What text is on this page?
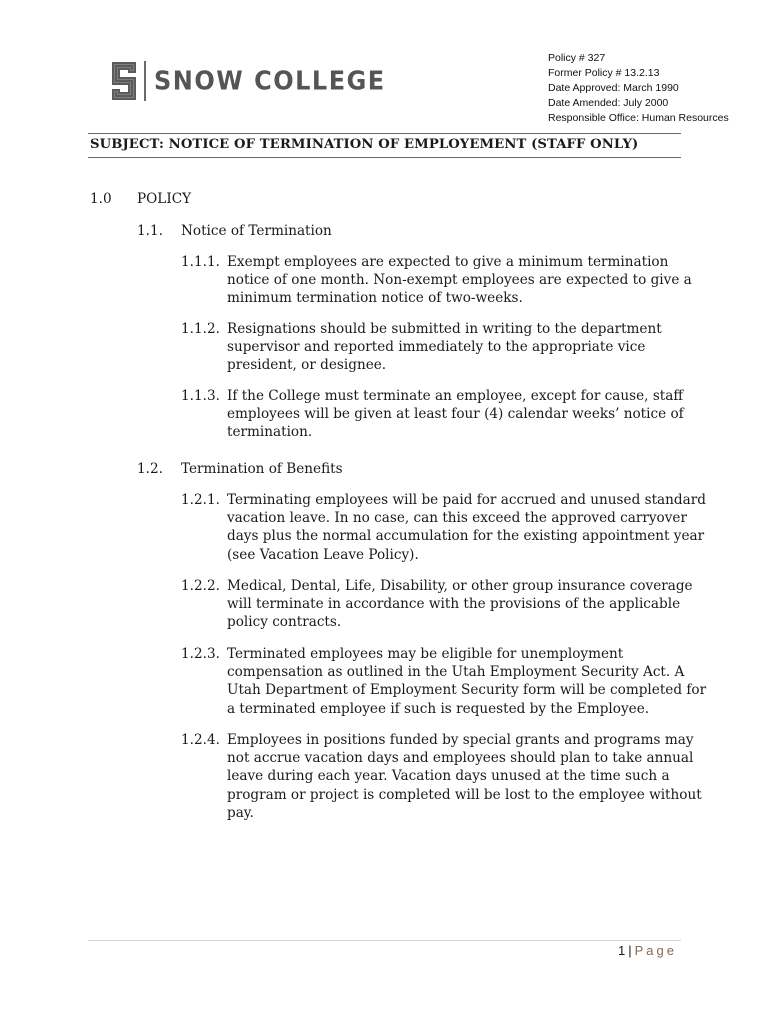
SNOW COLLEGE
Policy # 327
Former Policy # 13.2.13
Date Approved: March 1990
Date Amended: July 2000
Responsible Office: Human Resources
SUBJECT: NOTICE OF TERMINATION OF EMPLOYEMENT (STAFF ONLY)
1.0 POLICY
1.1. Notice of Termination
1.1.1. Exempt employees are expected to give a minimum termination
notice of one month. Non-exempt employees are expected to give a
minimum termination notice of two-weeks.
1.1.2. Resignations should be submitted in writing to the department
supervisor and reported immediately to the appropriate vice
president, or designee.
1.1.3. If the College must terminate an employee, except for cause, staff
employees will be given at least four (4) calendar weeks’ notice of
termination.
1.2. Termination of Benefits
1.2.1. Terminating employees will be paid for accrued and unused standard
vacation leave. In no case, can this exceed the approved carryover
days plus the normal accumulation for the existing appointment year
(see Vacation Leave Policy).
1.2.2. Medical, Dental, Life, Disability, or other group insurance coverage
will terminate in accordance with the provisions of the applicable
policy contracts.
1.2.3. Terminated employees may be eligible for unemployment
compensation as outlined in the Utah Employment Security Act. A
Utah Department of Employment Security form will be completed for
a terminated employee if such is requested by the Employee.
1.2.4. Employees in positions funded by special grants and programs may
not accrue vacation days and employees should plan to take annual
leave during each year. Vacation days unused at the time such a
program or project is completed will be lost to the employee without
pay.
1 | Page
